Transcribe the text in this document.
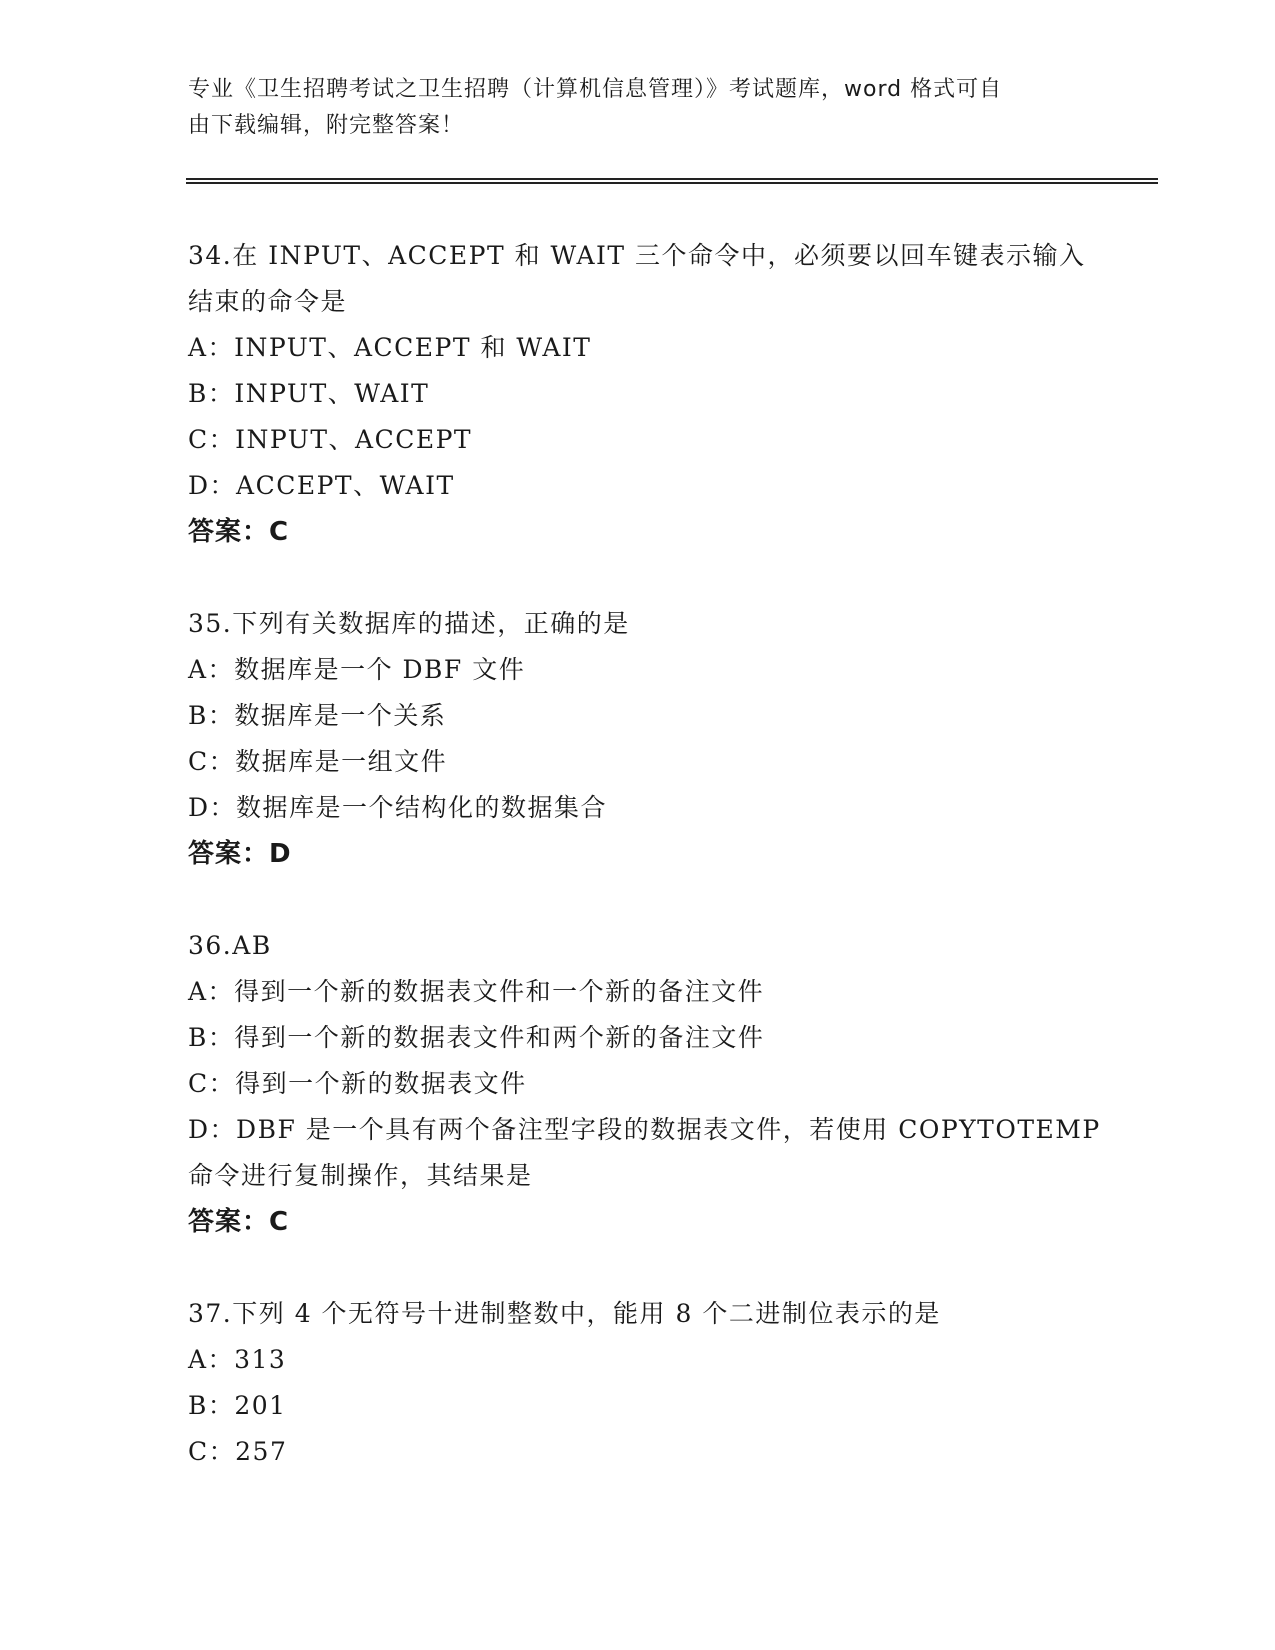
专业《卫生招聘考试之卫生招聘（计算机信息管理）》考试题库，word 格式可自
由下载编辑，附完整答案！
34.在 INPUT、ACCEPT 和 WAIT 三个命令中，必须要以回车键表示输入
结束的命令是
A：INPUT、ACCEPT 和 WAIT
B：INPUT、WAIT
C：INPUT、ACCEPT
D：ACCEPT、WAIT
答案：C
35.下列有关数据库的描述，正确的是
A：数据库是一个 DBF 文件
B：数据库是一个关系
C：数据库是一组文件
D：数据库是一个结构化的数据集合
答案：D
36.AB
A：得到一个新的数据表文件和一个新的备注文件
B：得到一个新的数据表文件和两个新的备注文件
C：得到一个新的数据表文件
D：DBF 是一个具有两个备注型字段的数据表文件，若使用 COPYTOTEMP
命令进行复制操作，其结果是
答案：C
37.下列 4 个无符号十进制整数中，能用 8 个二进制位表示的是
A：313
B：201
C：257
